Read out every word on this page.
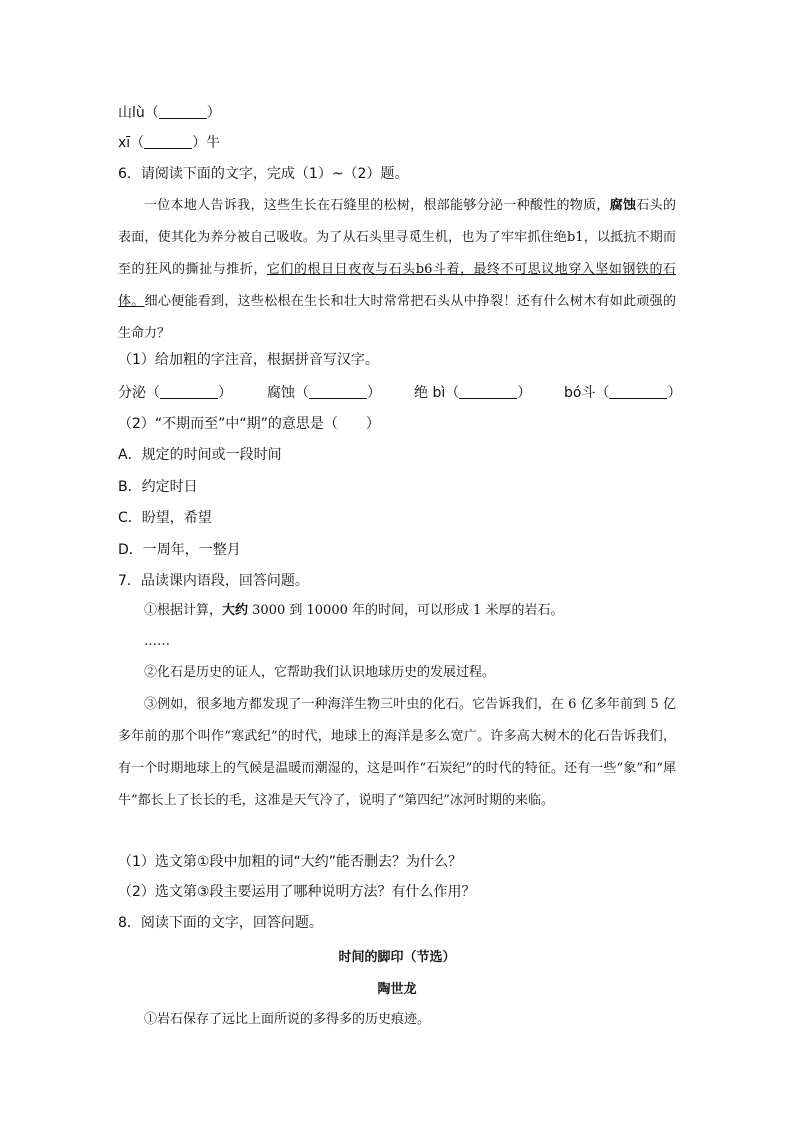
山lù（	）
xī（	）牛
6．请阅读下面的文字，完成（1）~（2）题。
一位本地人告诉我，这些生长在石缝里的松树，根部能够分泌一种酸性的物质，腐蚀石头的表面，使其化为养分被自己吸收。为了从石头里寻觅生机，也为了牢牢抓住绝b1，以抵抗不期而至的狂风的撕扯与推折，它们的根日日夜夜与石头b6斗着，最终不可思议地穿入坚如钢铁的石体。细心便能看到，这些松根在生长和壮大时常常把石头从中挣裂！还有什么树木有如此顽强的生命力？
（1）给加粗的字注音，根据拼音写汉字。
分泌（	）	腐蚀（	） 绝 bì（	） bó斗（	）
（2）“不期而至”中“期”的意思是（　　）
A．规定的时间或一段时间
B．约定时日
C．盼望，希望
D．一周年，一整月
7．品读课内语段，回答问题。
①根据计算，大约 3000 到 10000 年的时间，可以形成 1 米厚的岩石。
……
②化石是历史的证人，它帮助我们认识地球历史的发展过程。
③例如，很多地方都发现了一种海洋生物三叶虫的化石。它告诉我们，在 6 亿多年前到 5 亿多年前的那个叫作“寒武纪”的时代，地球上的海洋是多么宽广。许多高大树木的化石告诉我们，有一个时期地球上的气候是温暖而潮湿的，这是叫作“石炭纪”的时代的特征。还有一些“象”和“犀牛”都长上了长长的毛，这准是天气冷了，说明了“第四纪”冰河时期的来临。
（1）选文第①段中加粗的词“大约”能否删去？为什么？
（2）选文第③段主要运用了哪种说明方法？有什么作用？
8．阅读下面的文字，回答问题。
时间的脚印（节选）
陶世龙
①岩石保存了远比上面所说的多得多的历史痕迹。
